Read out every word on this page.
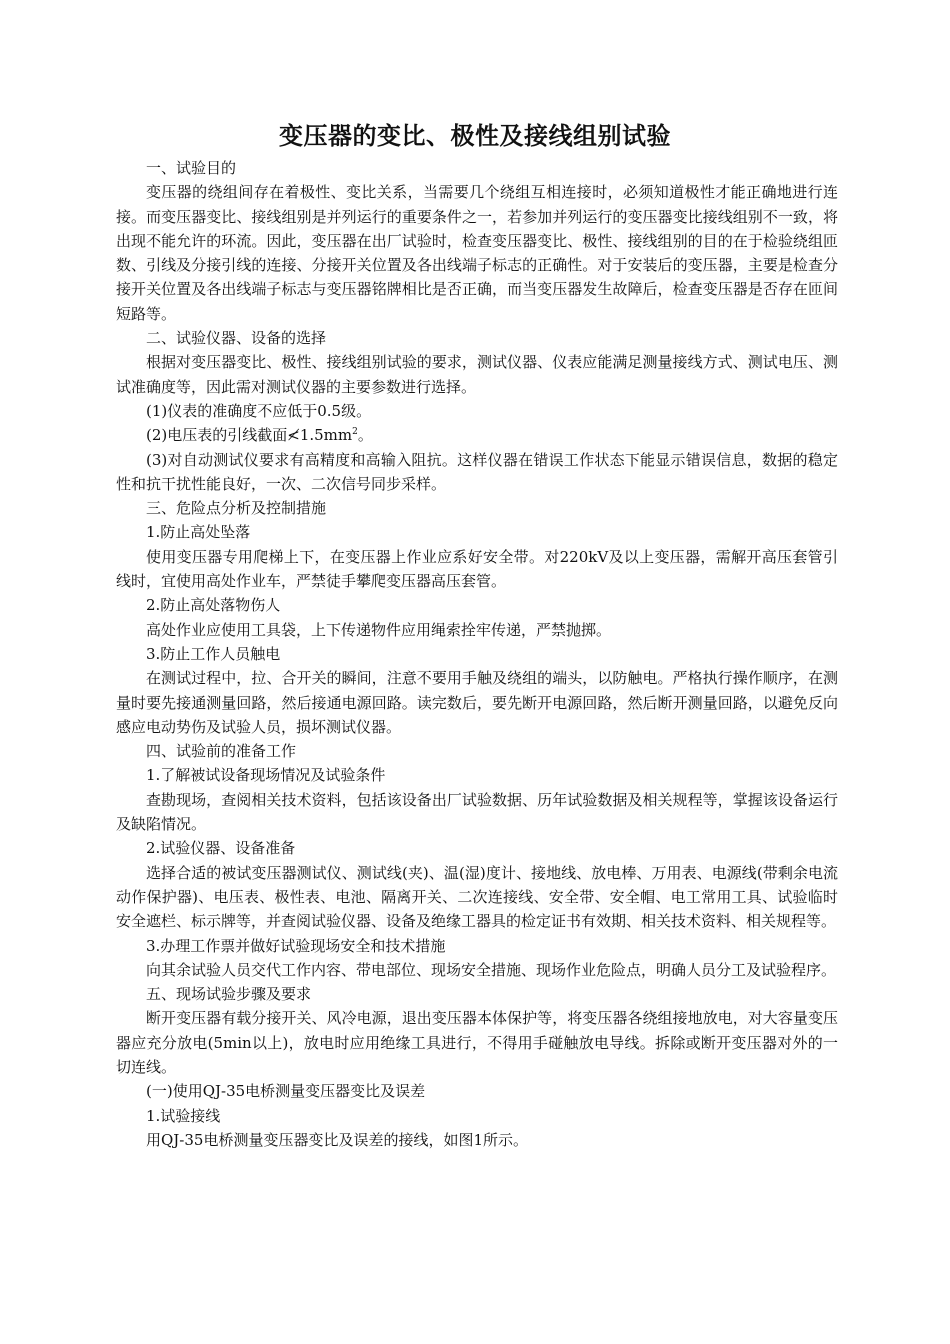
变压器的变比、极性及接线组别试验

一、试验目的

变压器的绕组间存在着极性、变比关系，当需要几个绕组互相连接时，必须知道极性才能正确地进行连接。而变压器变比、接线组别是并列运行的重要条件之一，若参加并列运行的变压器变比接线组别不一致，将出现不能允许的环流。因此，变压器在出厂试验时，检查变压器变比、极性、接线组别的目的在于检验绕组匝数、引线及分接引线的连接、分接开关位置及各出线端子标志的正确性。对于安装后的变压器，主要是检查分接开关位置及各出线端子标志与变压器铭牌相比是否正确，而当变压器发生故障后，检查变压器是否存在匝间短路等。

二、试验仪器、设备的选择

根据对变压器变比、极性、接线组别试验的要求，测试仪器、仪表应能满足测量接线方式、测试电压、测试准确度等，因此需对测试仪器的主要参数进行选择。

(1)仪表的准确度不应低于0.5级。

(2)电压表的引线截面$≮1.5mm^2$。

(3)对自动测试仪要求有高精度和高输入阻抗。这样仪器在错误工作状态下能显示错误信息，数据的稳定性和抗干扰性能良好，一次、二次信号同步采样。

三、危险点分析及控制措施

1.防止高处坠落

使用变压器专用爬梯上下，在变压器上作业应系好安全带。对220kV及以上变压器，需解开高压套管引线时，宜使用高处作业车，严禁徒手攀爬变压器高压套管。

2.防止高处落物伤人

高处作业应使用工具袋，上下传递物件应用绳索拴牢传递，严禁抛掷。

3.防止工作人员触电

在测试过程中，拉、合开关的瞬间，注意不要用手触及绕组的端头，以防触电。严格执行操作顺序，在测量时要先接通测量回路，然后接通电源回路。读完数后，要先断开电源回路，然后断开测量回路，以避免反向感应电动势伤及试验人员，损坏测试仪器。

四、试验前的准备工作

1.了解被试设备现场情况及试验条件

查勘现场，查阅相关技术资料，包括该设备出厂试验数据、历年试验数据及相关规程等，掌握该设备运行及缺陷情况。

2.试验仪器、设备准备

选择合适的被试变压器测试仪、测试线(夹)、温(湿)度计、接地线、放电棒、万用表、电源线(带剩余电流动作保护器)、电压表、极性表、电池、隔离开关、二次连接线、安全带、安全帽、电工常用工具、试验临时安全遮栏、标示牌等，并查阅试验仪器、设备及绝缘工器具的检定证书有效期、相关技术资料、相关规程等。

3.办理工作票并做好试验现场安全和技术措施

向其余试验人员交代工作内容、带电部位、现场安全措施、现场作业危险点，明确人员分工及试验程序。

五、现场试验步骤及要求

断开变压器有载分接开关、风冷电源，退出变压器本体保护等，将变压器各绕组接地放电，对大容量变压器应充分放电(5min以上)，放电时应用绝缘工具进行，不得用手碰触放电导线。拆除或断开变压器对外的一切连线。

(一)使用QJ-35电桥测量变压器变比及误差

1.试验接线

用QJ-35电桥测量变压器变比及误差的接线，如图1所示。
